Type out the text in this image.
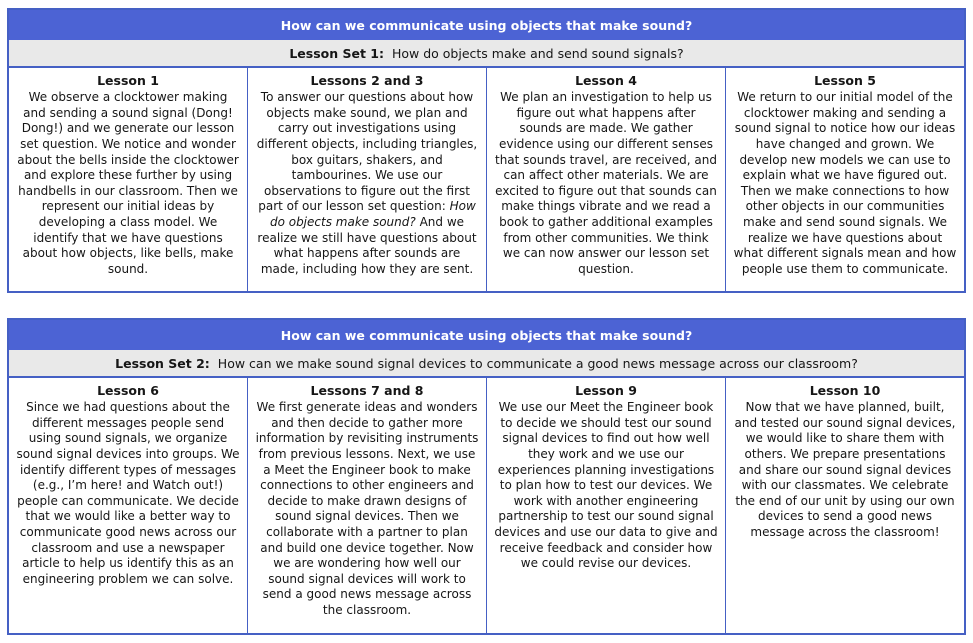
How can we communicate using objects that make sound?
Lesson Set 1: How do objects make and send sound signals?
Lesson 1
We observe a clocktower making and sending a sound signal (Dong! Dong!) and we generate our lesson set question. We notice and wonder about the bells inside the clocktower and explore these further by using handbells in our classroom. Then we represent our initial ideas by developing a class model. We identify that we have questions about how objects, like bells, make sound.
Lessons 2 and 3
To answer our questions about how objects make sound, we plan and carry out investigations using different objects, including triangles, box guitars, shakers, and tambourines. We use our observations to figure out the first part of our lesson set question: How do objects make sound? And we realize we still have questions about what happens after sounds are made, including how they are sent.
Lesson 4
We plan an investigation to help us figure out what happens after sounds are made. We gather evidence using our different senses that sounds travel, are received, and can affect other materials. We are excited to figure out that sounds can make things vibrate and we read a book to gather additional examples from other communities. We think we can now answer our lesson set question.
Lesson 5
We return to our initial model of the clocktower making and sending a sound signal to notice how our ideas have changed and grown. We develop new models we can use to explain what we have figured out. Then we make connections to how other objects in our communities make and send sound signals. We realize we have questions about what different signals mean and how people use them to communicate.
How can we communicate using objects that make sound?
Lesson Set 2: How can we make sound signal devices to communicate a good news message across our classroom?
Lesson 6
Since we had questions about the different messages people send using sound signals, we organize sound signal devices into groups. We identify different types of messages (e.g., I’m here! and Watch out!) people can communicate. We decide that we would like a better way to communicate good news across our classroom and use a newspaper article to help us identify this as an engineering problem we can solve.
Lessons 7 and 8
We first generate ideas and wonders and then decide to gather more information by revisiting instruments from previous lessons. Next, we use a Meet the Engineer book to make connections to other engineers and decide to make drawn designs of sound signal devices. Then we collaborate with a partner to plan and build one device together. Now we are wondering how well our sound signal devices will work to send a good news message across the classroom.
Lesson 9
We use our Meet the Engineer book to decide we should test our sound signal devices to find out how well they work and we use our experiences planning investigations to plan how to test our devices. We work with another engineering partnership to test our sound signal devices and use our data to give and receive feedback and consider how we could revise our devices.
Lesson 10
Now that we have planned, built, and tested our sound signal devices, we would like to share them with others. We prepare presentations and share our sound signal devices with our classmates. We celebrate the end of our unit by using our own devices to send a good news message across the classroom!
